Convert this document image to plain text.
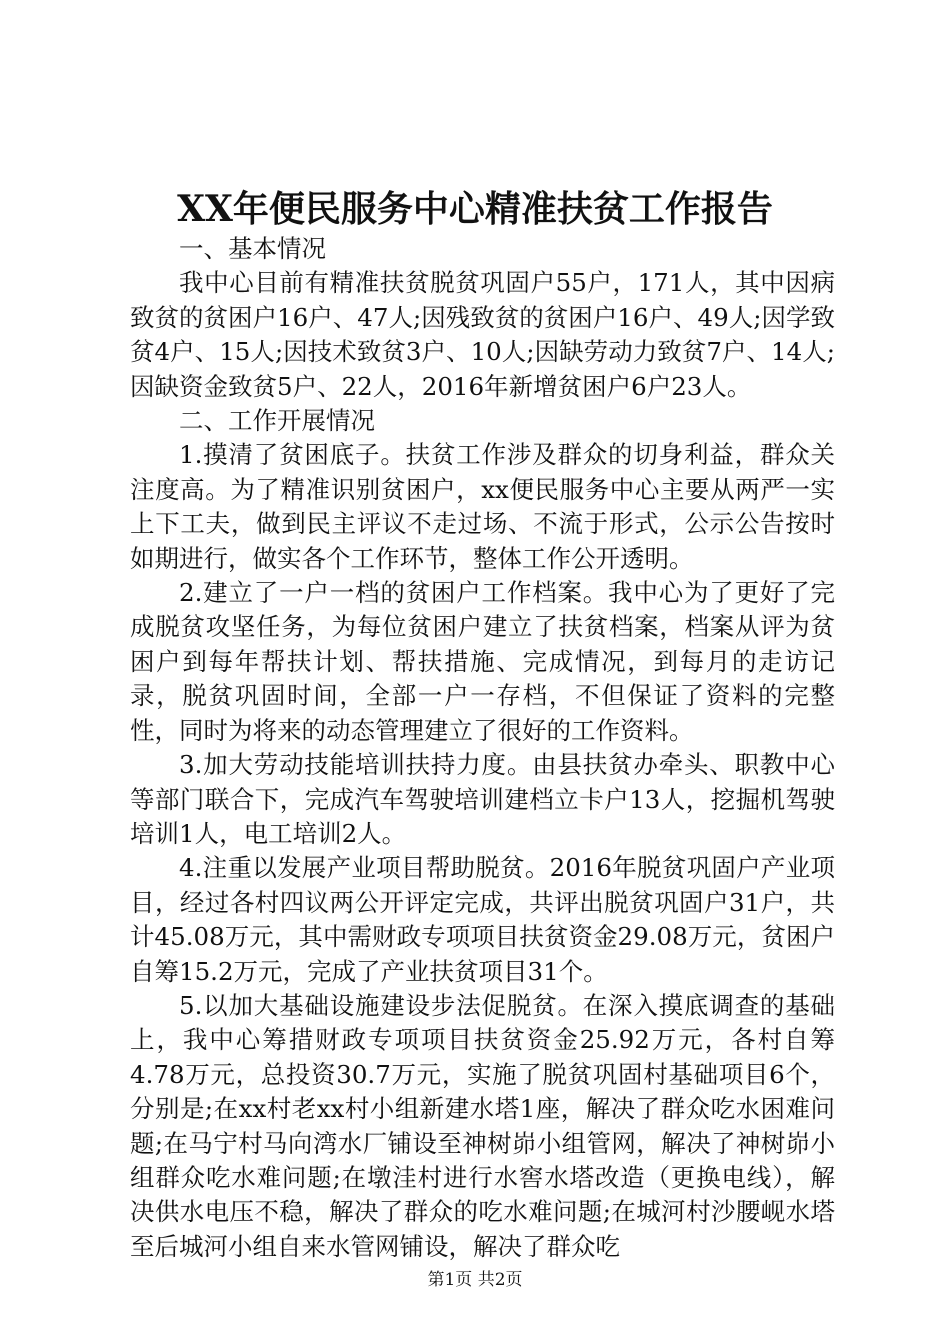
XX年便民服务中心精准扶贫工作报告

一、基本情况

我中心目前有精准扶贫脱贫巩固户55户，171人，其中因病致贫的贫困户16户、47人;因残致贫的贫困户16户、49人;因学致贫4户、15人;因技术致贫3户、10人;因缺劳动力致贫7户、14人;因缺资金致贫5户、22人，2016年新增贫困户6户23人。

二、工作开展情况

1.摸清了贫困底子。扶贫工作涉及群众的切身利益，群众关注度高。为了精准识别贫困户，xx便民服务中心主要从两严一实上下工夫，做到民主评议不走过场、不流于形式，公示公告按时如期进行，做实各个工作环节，整体工作公开透明。

2.建立了一户一档的贫困户工作档案。我中心为了更好了完成脱贫攻坚任务，为每位贫困户建立了扶贫档案，档案从评为贫困户到每年帮扶计划、帮扶措施、完成情况，到每月的走访记录，脱贫巩固时间，全部一户一存档，不但保证了资料的完整性，同时为将来的动态管理建立了很好的工作资料。

3.加大劳动技能培训扶持力度。由县扶贫办牵头、职教中心等部门联合下，完成汽车驾驶培训建档立卡户13人，挖掘机驾驶培训1人，电工培训2人。

4.注重以发展产业项目帮助脱贫。2016年脱贫巩固户产业项目，经过各村四议两公开评定完成，共评出脱贫巩固户31户，共计45.08万元，其中需财政专项项目扶贫资金29.08万元，贫困户自筹15.2万元，完成了产业扶贫项目31个。

5.以加大基础设施建设步法促脱贫。在深入摸底调查的基础上，我中心筹措财政专项项目扶贫资金25.92万元，各村自筹4.78万元，总投资30.7万元，实施了脱贫巩固村基础项目6个，分别是;在xx村老xx村小组新建水塔1座，解决了群众吃水困难问题;在马宁村马向湾水厂铺设至神树峁小组管网，解决了神树峁小组群众吃水难问题;在墩洼村进行水窖水塔改造（更换电线），解决供水电压不稳，解决了群众的吃水难问题;在城河村沙腰岘水塔至后城河小组自来水管网铺设，解决了群众吃

第1页 共2页
